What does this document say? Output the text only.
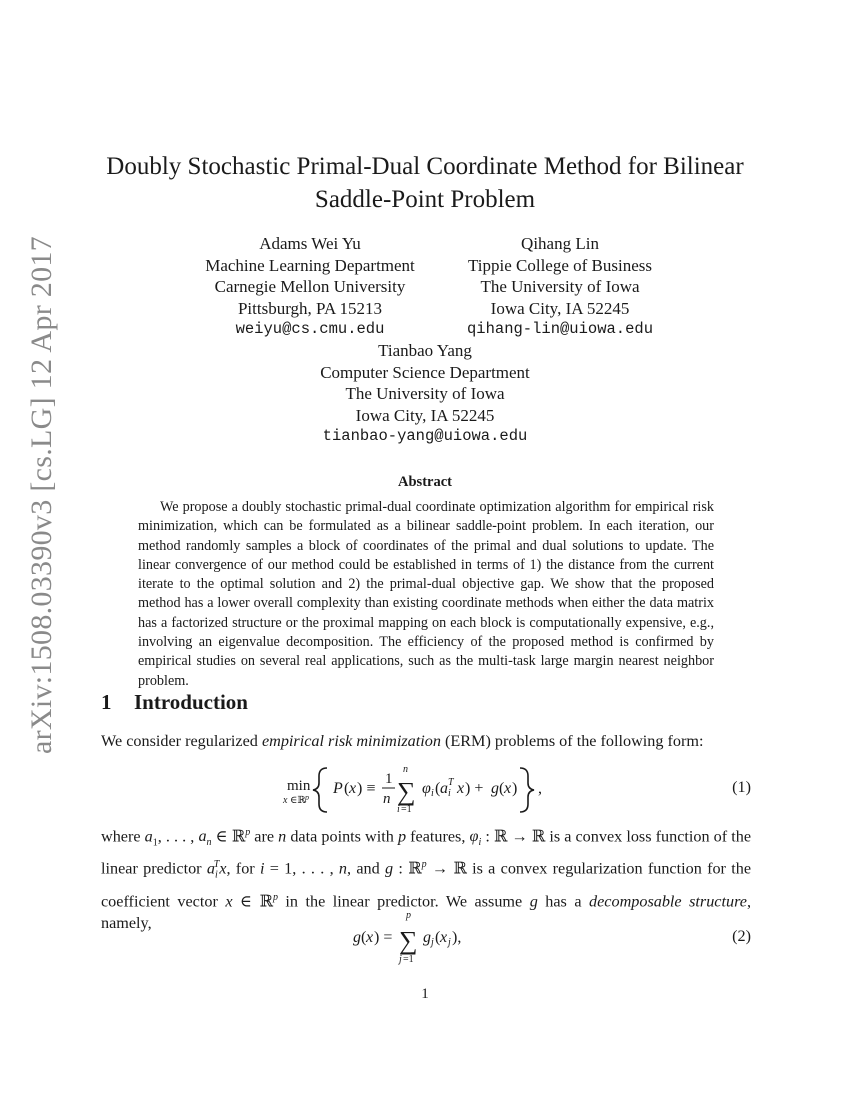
arXiv:1508.03390v3 [cs.LG] 12 Apr 2017
Doubly Stochastic Primal-Dual Coordinate Method for Bilinear
Saddle-Point Problem
Adams Wei Yu
Machine Learning Department
Carnegie Mellon University
Pittsburgh, PA 15213
weiyu@cs.cmu.edu
Qihang Lin
Tippie College of Business
The University of Iowa
Iowa City, IA 52245
qihang-lin@uiowa.edu
Tianbao Yang
Computer Science Department
The University of Iowa
Iowa City, IA 52245
tianbao-yang@uiowa.edu
Abstract
We propose a doubly stochastic primal-dual coordinate optimization algorithm for empirical risk minimization, which can be formulated as a bilinear saddle-point problem. In each iteration, our method randomly samples a block of coordinates of the primal and dual solutions to update. The linear convergence of our method could be established in terms of 1) the distance from the current iterate to the optimal solution and 2) the primal-dual objective gap. We show that the proposed method has a lower overall complexity than existing coordinate methods when either the data matrix has a factorized structure or the proximal mapping on each block is computationally expensive, e.g., involving an eigenvalue decomposition. The efficiency of the proposed method is confirmed by empirical studies on several real applications, such as the multi-task large margin nearest neighbor problem.
1 Introduction
We consider regularized empirical risk minimization (ERM) problems of the following form:
min
x ∈ℝ p
P ( x ) ≡
1
n
n
∑
i =1
φ i ( a i
T x ) + g ( x ) ,	(1)
where $a_1$, . . . , $a_n$ ∈ ℝ$^p$ are n data points with p features, $\varphi_i$ : ℝ → ℝ is a convex loss function of the linear predictor $a_i^Tx$, for i = 1, . . . , n, and g : ℝ$^p$ → ℝ is a convex regularization function for the coefficient vector x ∈ ℝ$^p$ in the linear predictor. We assume g has a decomposable structure, namely,
g ( x ) =
p
∑
j =1
g j ( x j ),	(2)
1
